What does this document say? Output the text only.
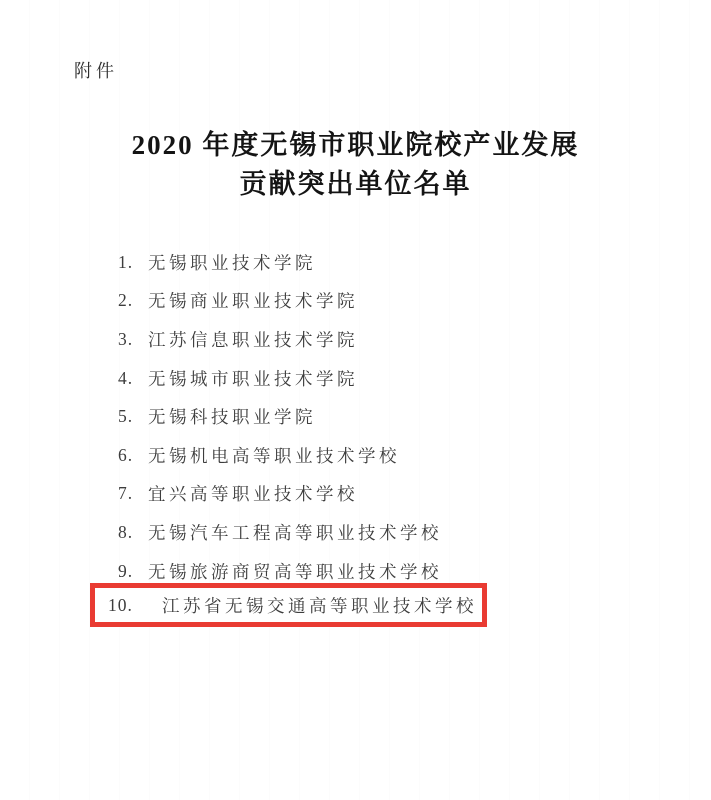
附件
2020 年度无锡市职业院校产业发展
贡献突出单位名单
1. 无锡职业技术学院
2. 无锡商业职业技术学院
3. 江苏信息职业技术学院
4. 无锡城市职业技术学院
5. 无锡科技职业学院
6. 无锡机电高等职业技术学校
7. 宜兴高等职业技术学校
8. 无锡汽车工程高等职业技术学校
9. 无锡旅游商贸高等职业技术学校
10.	江苏省无锡交通高等职业技术学校
